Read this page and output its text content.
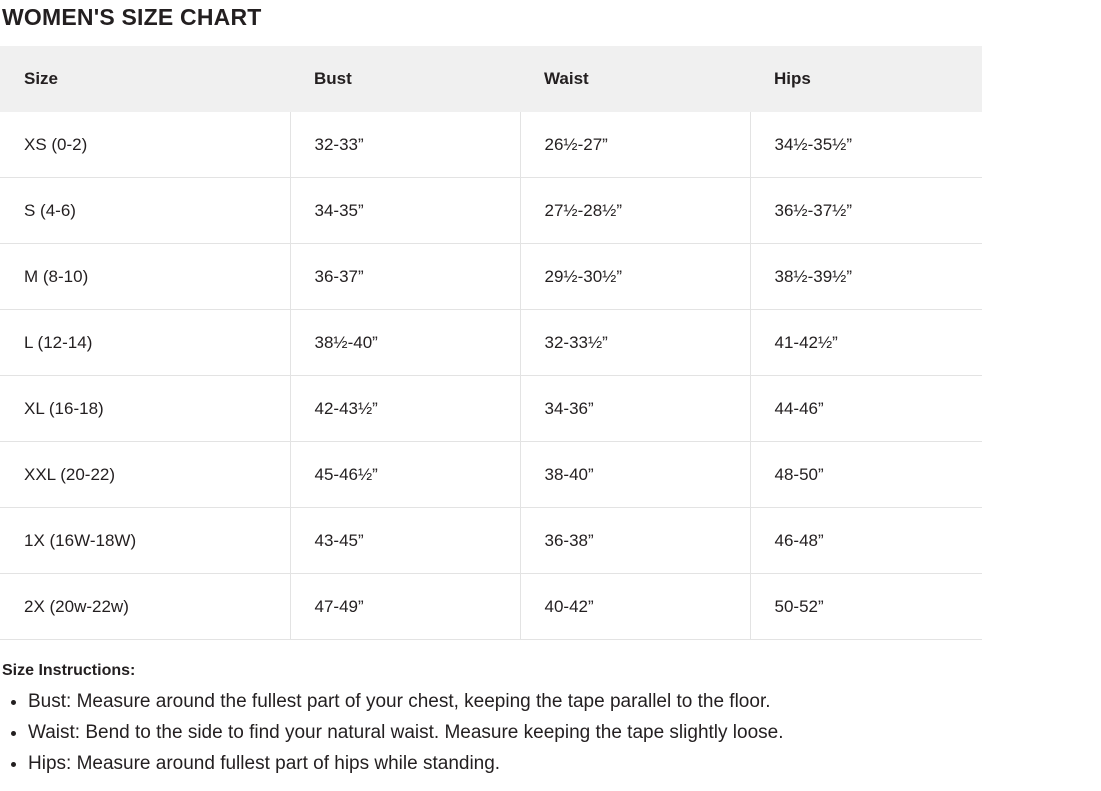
WOMEN'S SIZE CHART
Size	Bust	Waist	Hips
XS (0-2)	32-33”	26½-27”	34½-35½”
S (4-6)	34-35”	27½-28½”	36½-37½”
M (8-10)	36-37”	29½-30½”	38½-39½”
L (12-14)	38½-40”	32-33½”	41-42½”
XL (16-18)	42-43½”	34-36”	44-46”
XXL (20-22)	45-46½”	38-40”	48-50”
1X (16W-18W)	43-45”	36-38”	46-48”
2X (20w-22w)	47-49”	40-42”	50-52”
Size Instructions:
• Bust: Measure around the fullest part of your chest, keeping the tape parallel to the floor.
• Waist: Bend to the side to find your natural waist. Measure keeping the tape slightly loose.
• Hips: Measure around fullest part of hips while standing.
